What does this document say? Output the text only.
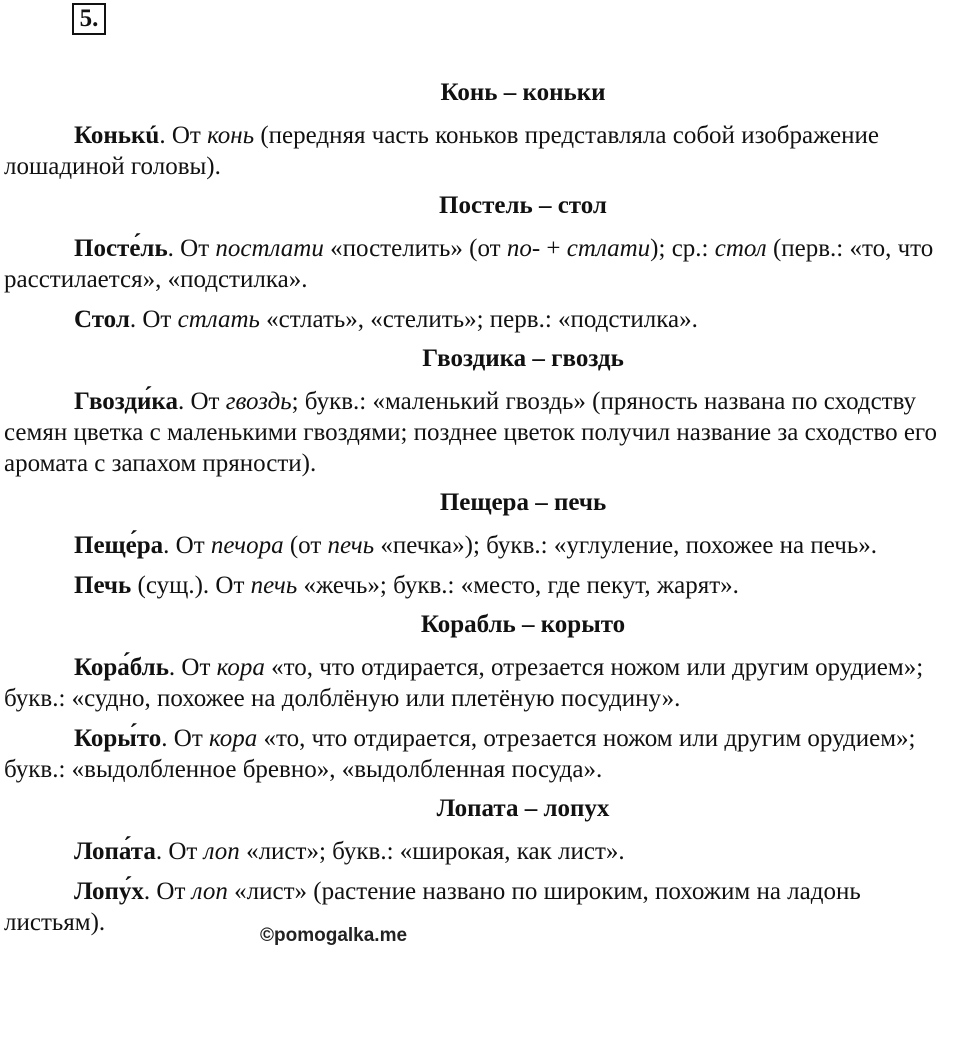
5.
Конь – коньки

Конькú. От конь (передняя часть коньков представляла собой изображение лошадиной головы).

Постель – стол

Посте́ль. От постлати «постелить» (от по- + стлати); ср.: стол (перв.: «то, что расстилается», «подстилка».

Стол. От стлать «стлать», «стелить»; перв.: «подстилка».

Гвоздика – гвоздь

Гвозди́ка. От гвоздь; букв.: «маленький гвоздь» (пряность названа по сходству семян цветка с маленькими гвоздями; позднее цветок получил название за сходство его аромата с запахом пряности).

Пещера – печь

Пеще́ра. От печора (от печь «печка»); букв.: «углуление, похожее на печь».

Печь (сущ.). От печь «жечь»; букв.: «место, где пекут, жарят».

Корабль – корыто

Кора́бль. От кора «то, что отдирается, отрезается ножом или другим орудием»; букв.: «судно, похожее на долблёную или плетёную посудину».

Коры́то. От кора «то, что отдирается, отрезается ножом или другим орудием»; букв.: «выдолбленное бревно», «выдолбленная посуда».

Лопата – лопух

Лопа́та. От лоп «лист»; букв.: «широкая, как лист».

Лопу́х. От лоп «лист» (растение названо по широким, похожим на ладонь листьям).	©pomogalka.me
